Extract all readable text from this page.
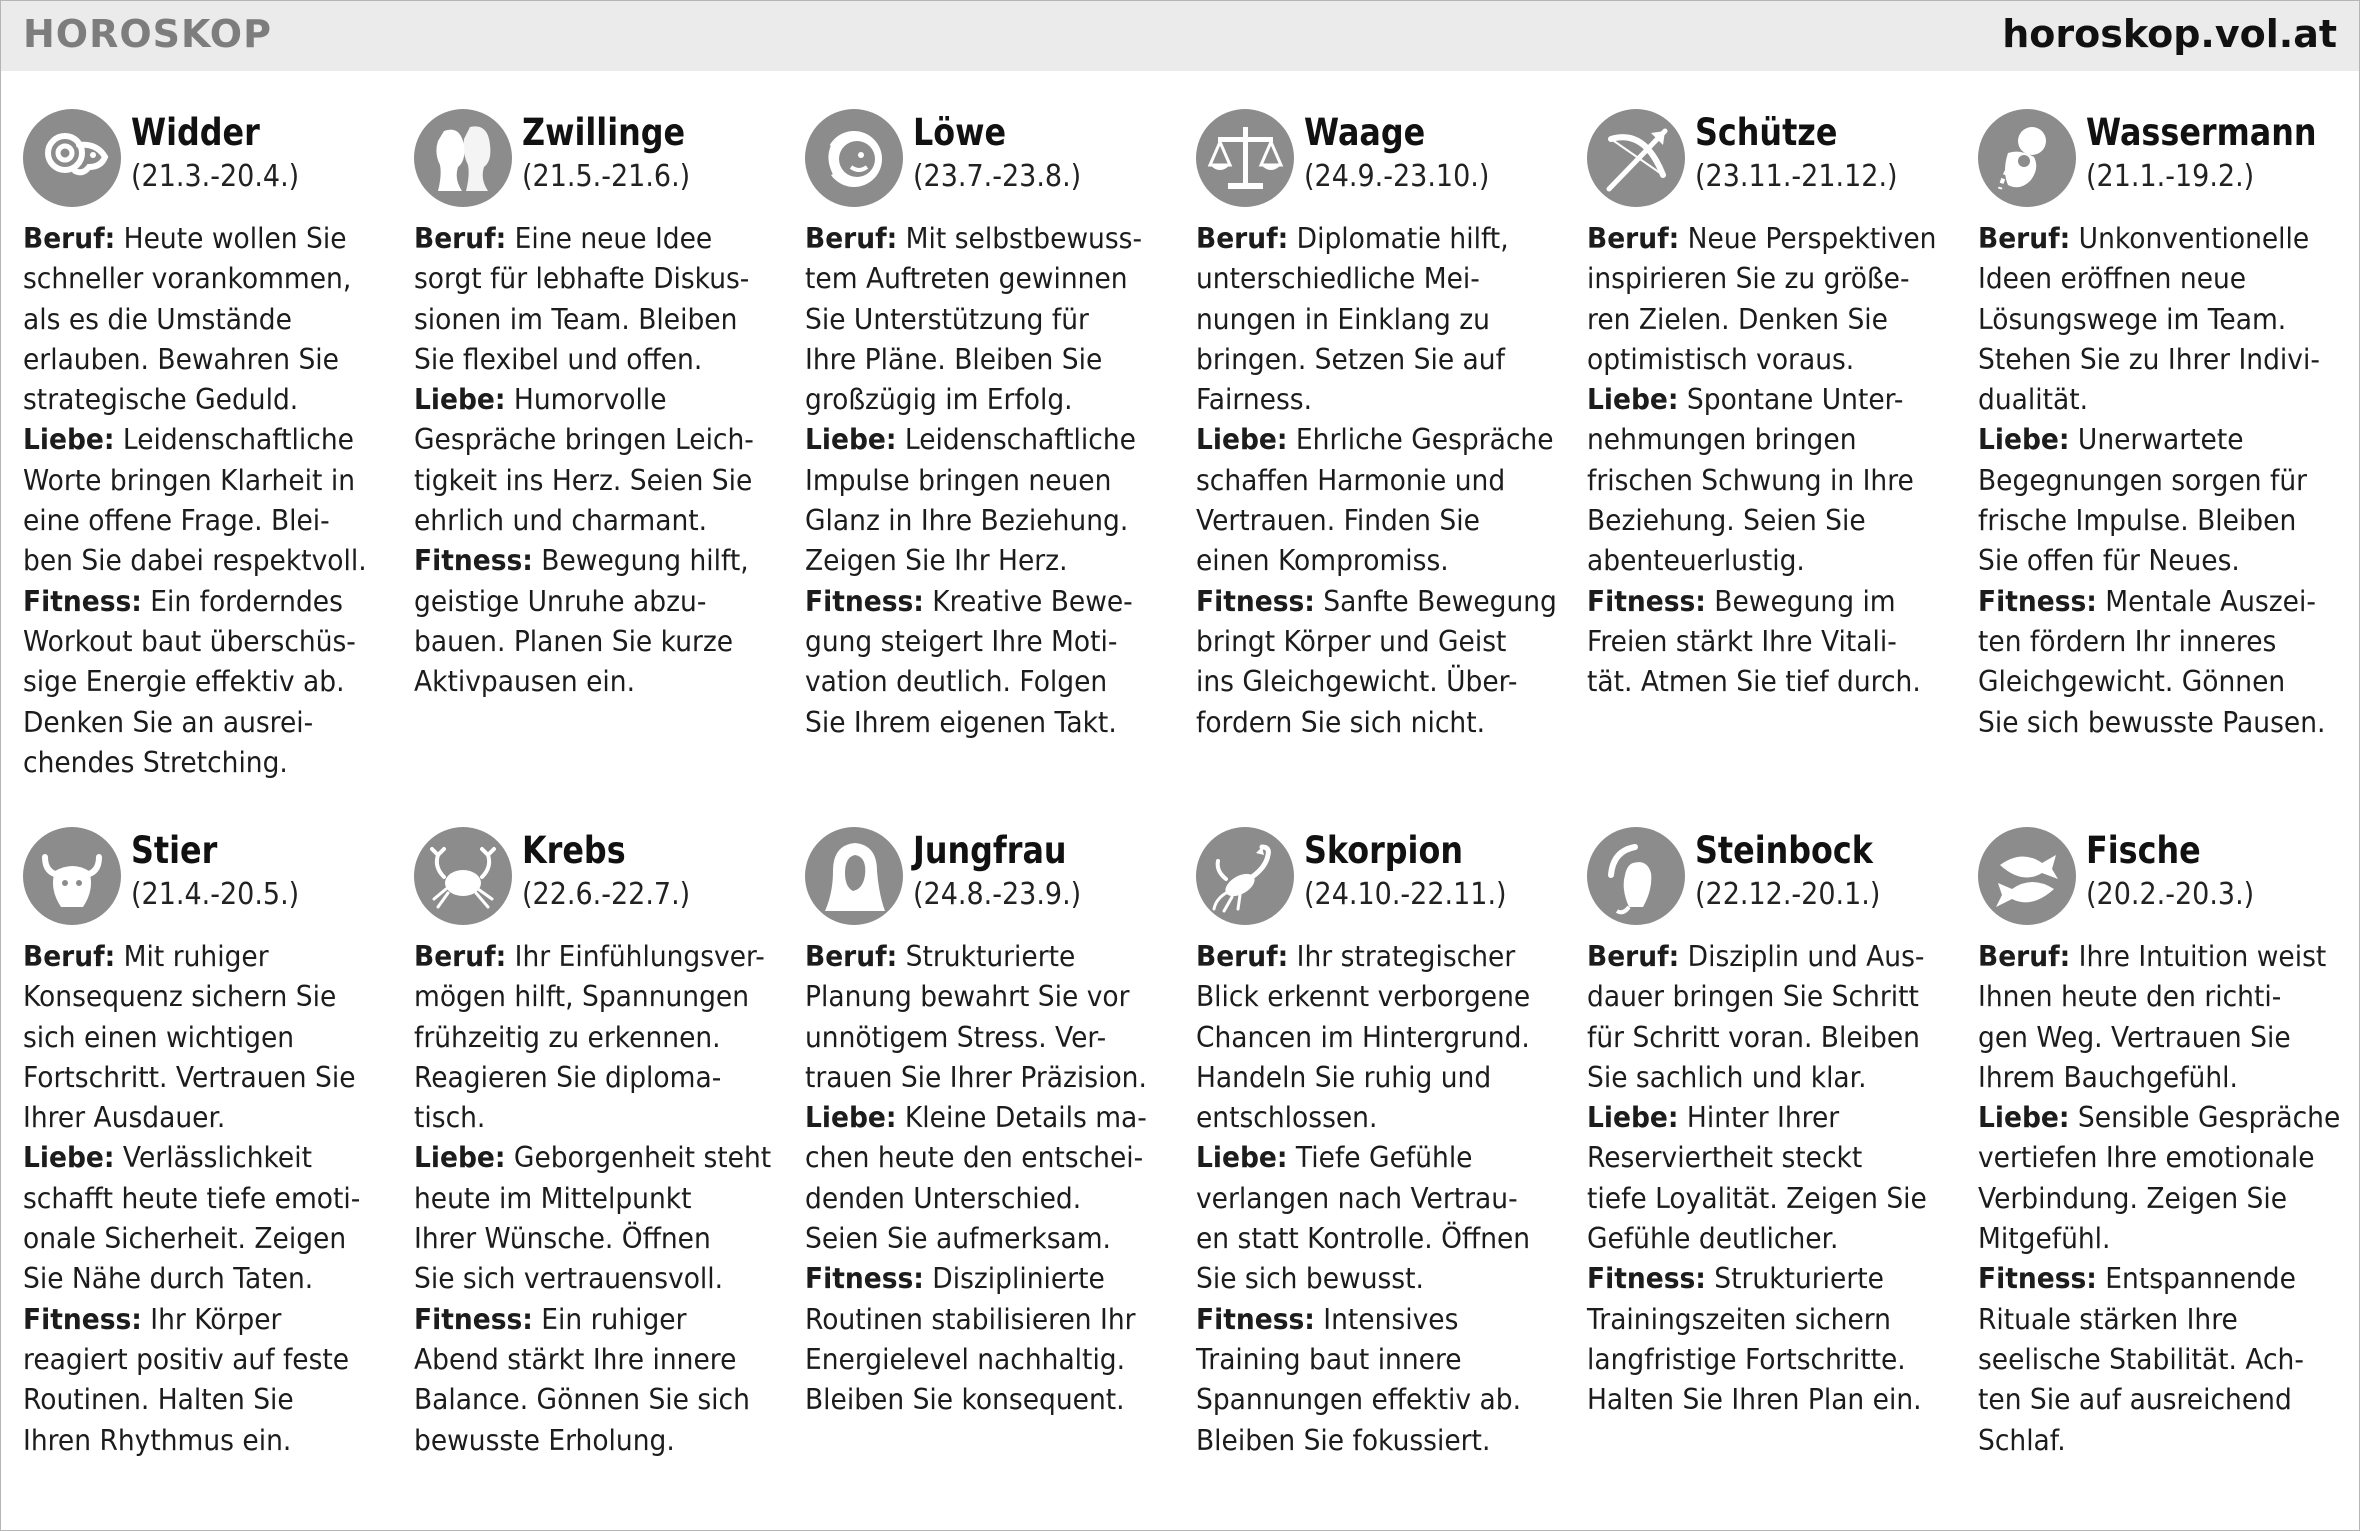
HOROSKOP	horoskop.vol.at
Widder
(21.3.-20.4.)
Beruf: Heute wollen Sie
schneller vorankommen,
als es die Umstände
erlauben. Bewahren Sie
strategische Geduld.
Liebe: Leidenschaftliche
Worte bringen Klarheit in
eine offene Frage. Blei-
ben Sie dabei respektvoll.
Fitness: Ein forderndes
Workout baut überschüs-
sige Energie effektiv ab.
Denken Sie an ausrei-
chendes Stretching.
Zwillinge
(21.5.-21.6.)
Beruf: Eine neue Idee
sorgt für lebhafte Diskus-
sionen im Team. Bleiben
Sie flexibel und offen.
Liebe: Humorvolle
Gespräche bringen Leich-
tigkeit ins Herz. Seien Sie
ehrlich und charmant.
Fitness: Bewegung hilft,
geistige Unruhe abzu-
bauen. Planen Sie kurze
Aktivpausen ein.
Löwe
(23.7.-23.8.)
Beruf: Mit selbstbewuss-
tem Auftreten gewinnen
Sie Unterstützung für
Ihre Pläne. Bleiben Sie
großzügig im Erfolg.
Liebe: Leidenschaftliche
Impulse bringen neuen
Glanz in Ihre Beziehung.
Zeigen Sie Ihr Herz.
Fitness: Kreative Bewe-
gung steigert Ihre Moti-
vation deutlich. Folgen
Sie Ihrem eigenen Takt.
Waage
(24.9.-23.10.)
Beruf: Diplomatie hilft,
unterschiedliche Mei-
nungen in Einklang zu
bringen. Setzen Sie auf
Fairness.
Liebe: Ehrliche Gespräche
schaffen Harmonie und
Vertrauen. Finden Sie
einen Kompromiss.
Fitness: Sanfte Bewegung
bringt Körper und Geist
ins Gleichgewicht. Über-
fordern Sie sich nicht.
Schütze
(23.11.-21.12.)
Beruf: Neue Perspektiven
inspirieren Sie zu größe-
ren Zielen. Denken Sie
optimistisch voraus.
Liebe: Spontane Unter-
nehmungen bringen
frischen Schwung in Ihre
Beziehung. Seien Sie
abenteuerlustig.
Fitness: Bewegung im
Freien stärkt Ihre Vitali-
tät. Atmen Sie tief durch.
Wassermann
(21.1.-19.2.)
Beruf: Unkonventionelle
Ideen eröffnen neue
Lösungswege im Team.
Stehen Sie zu Ihrer Indivi-
dualität.
Liebe: Unerwartete
Begegnungen sorgen für
frische Impulse. Bleiben
Sie offen für Neues.
Fitness: Mentale Auszei-
ten fördern Ihr inneres
Gleichgewicht. Gönnen
Sie sich bewusste Pausen.
Stier
(21.4.-20.5.)
Beruf: Mit ruhiger
Konsequenz sichern Sie
sich einen wichtigen
Fortschritt. Vertrauen Sie
Ihrer Ausdauer.
Liebe: Verlässlichkeit
schafft heute tiefe emoti-
onale Sicherheit. Zeigen
Sie Nähe durch Taten.
Fitness: Ihr Körper
reagiert positiv auf feste
Routinen. Halten Sie
Ihren Rhythmus ein.
Krebs
(22.6.-22.7.)
Beruf: Ihr Einfühlungsver-
mögen hilft, Spannungen
frühzeitig zu erkennen.
Reagieren Sie diploma-
tisch.
Liebe: Geborgenheit steht
heute im Mittelpunkt
Ihrer Wünsche. Öffnen
Sie sich vertrauensvoll.
Fitness: Ein ruhiger
Abend stärkt Ihre innere
Balance. Gönnen Sie sich
bewusste Erholung.
Jungfrau
(24.8.-23.9.)
Beruf: Strukturierte
Planung bewahrt Sie vor
unnötigem Stress. Ver-
trauen Sie Ihrer Präzision.
Liebe: Kleine Details ma-
chen heute den entschei-
denden Unterschied.
Seien Sie aufmerksam.
Fitness: Disziplinierte
Routinen stabilisieren Ihr
Energielevel nachhaltig.
Bleiben Sie konsequent.
Skorpion
(24.10.-22.11.)
Beruf: Ihr strategischer
Blick erkennt verborgene
Chancen im Hintergrund.
Handeln Sie ruhig und
entschlossen.
Liebe: Tiefe Gefühle
verlangen nach Vertrau-
en statt Kontrolle. Öffnen
Sie sich bewusst.
Fitness: Intensives
Training baut innere
Spannungen effektiv ab.
Bleiben Sie fokussiert.
Steinbock
(22.12.-20.1.)
Beruf: Disziplin und Aus-
dauer bringen Sie Schritt
für Schritt voran. Bleiben
Sie sachlich und klar.
Liebe: Hinter Ihrer
Reserviertheit steckt
tiefe Loyalität. Zeigen Sie
Gefühle deutlicher.
Fitness: Strukturierte
Trainingszeiten sichern
langfristige Fortschritte.
Halten Sie Ihren Plan ein.
Fische
(20.2.-20.3.)
Beruf: Ihre Intuition weist
Ihnen heute den richti-
gen Weg. Vertrauen Sie
Ihrem Bauchgefühl.
Liebe: Sensible Gespräche
vertiefen Ihre emotionale
Verbindung. Zeigen Sie
Mitgefühl.
Fitness: Entspannende
Rituale stärken Ihre
seelische Stabilität. Ach-
ten Sie auf ausreichend
Schlaf.
